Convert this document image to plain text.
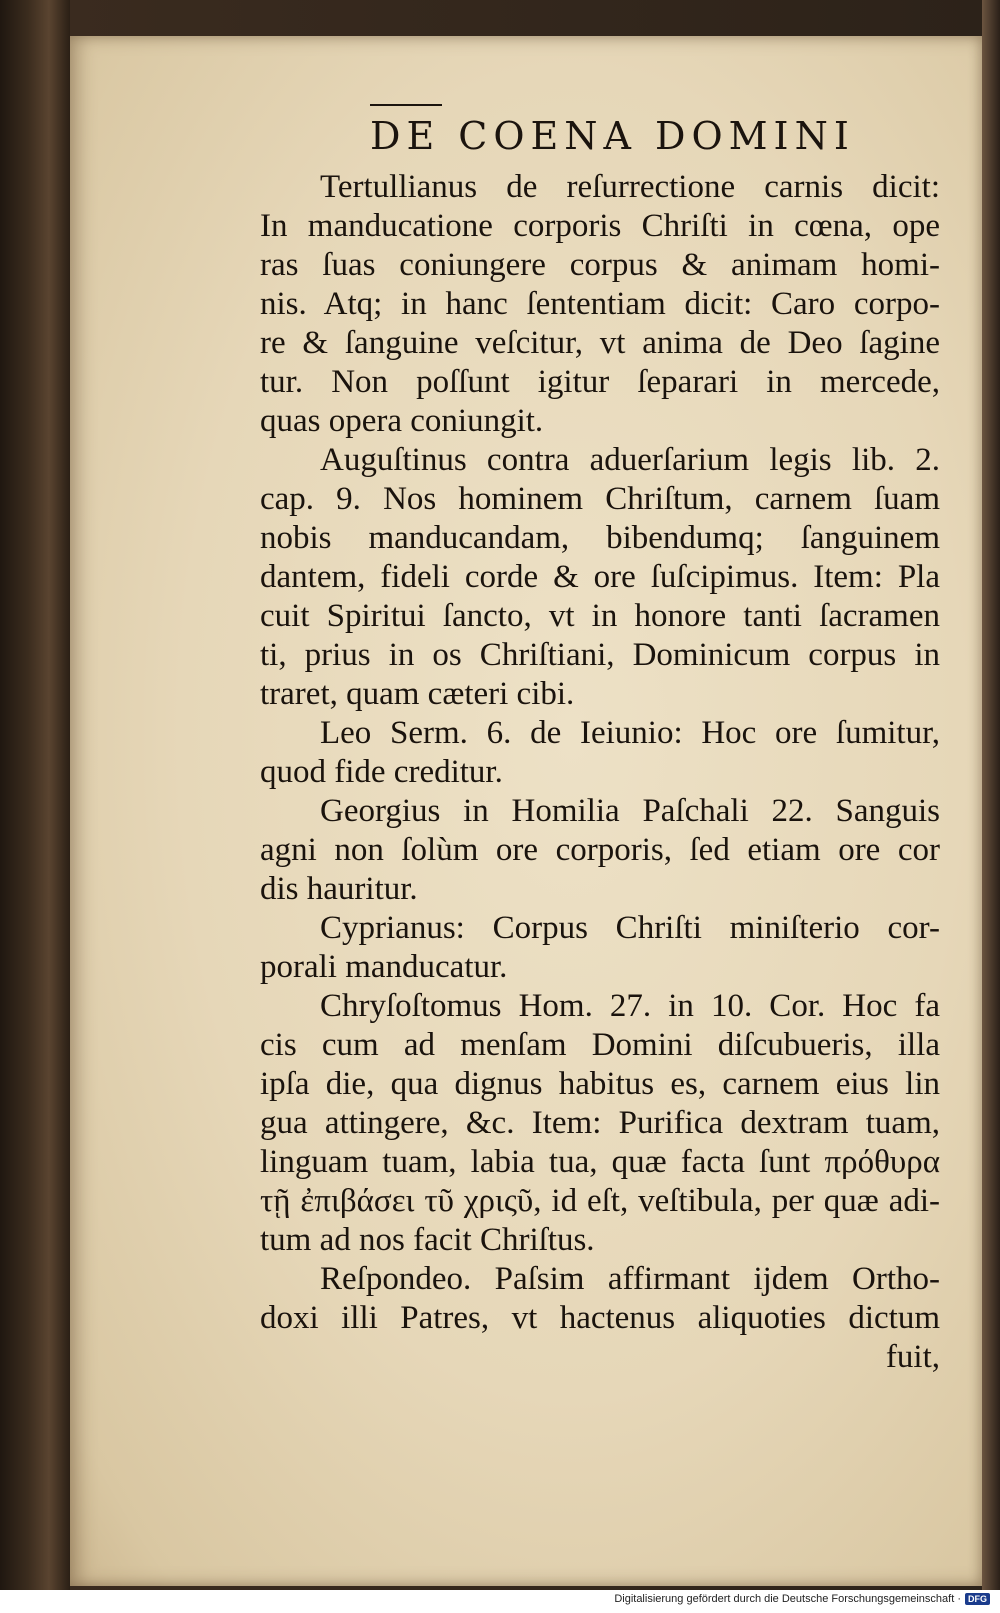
DE COENA DOMINI
Tertullianus de reſurrectione carnis dicit:
In manducatione corporis Chriſti in cœna, ope
ras ſuas coniungere corpus & animam homi-
nis. Atq; in hanc ſententiam dicit: Caro corpo-
re & ſanguine veſcitur, vt anima de Deo ſagine
tur. Non poſſunt igitur ſeparari in mercede,
quas opera coniungit.
Auguſtinus contra aduerſarium legis lib. 2.
cap. 9. Nos hominem Chriſtum, carnem ſuam
nobis manducandam, bibendumq; ſanguinem
dantem, fideli corde & ore ſuſcipimus. Item: Pla
cuit Spiritui ſancto, vt in honore tanti ſacramen
ti, prius in os Chriſtiani, Dominicum corpus in
traret, quam cæteri cibi.
Leo Serm. 6. de Ieiunio: Hoc ore ſumitur,
quod fide creditur.
Georgius in Homilia Paſchali 22. Sanguis
agni non ſolùm ore corporis, ſed etiam ore cor
dis hauritur.
Cyprianus: Corpus Chriſti miniſterio cor-
porali manducatur.
Chryſoſtomus Hom. 27. in 10. Cor. Hoc fa
cis cum ad menſam Domini diſcubueris, illa
ipſa die, qua dignus habitus es, carnem eius lin
gua attingere, &c. Item: Purifica dextram tuam,
linguam tuam, labia tua, quæ facta ſunt πρόθυρα
τῇ ἐπιβάσει τῦ χριςῦ, id eſt, veſtibula, per quæ adi-
tum ad nos facit Chriſtus.
Reſpondeo. Paſsim affirmant ijdem Ortho-
doxi illi Patres, vt hactenus aliquoties dictum
fuit,
Digitalisierung gefördert durch die Deutsche Forschungsgemeinschaft · DFG
